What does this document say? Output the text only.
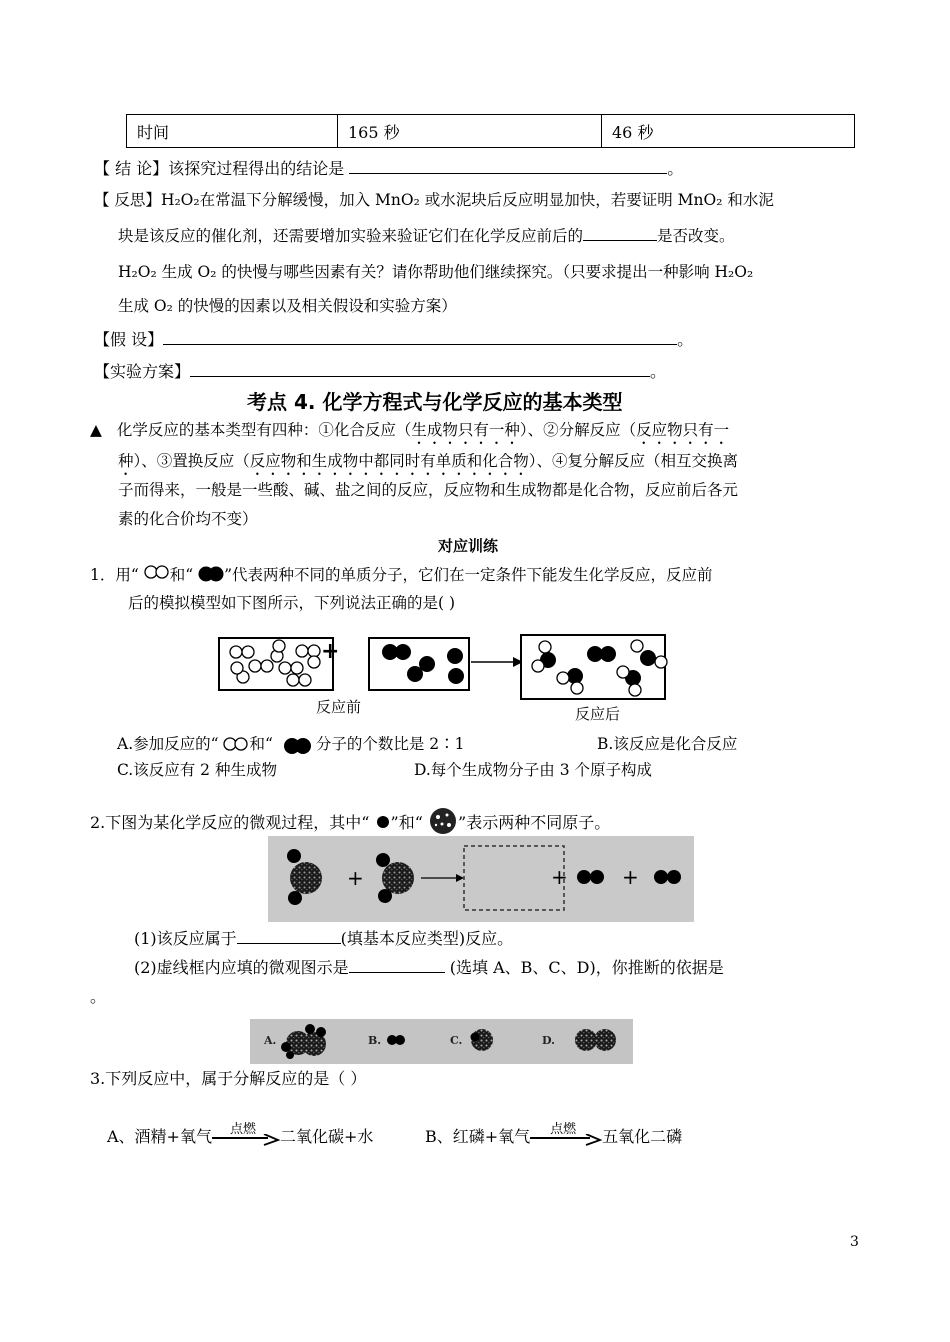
时间	165 秒	46 秒
【 结 论】该探究过程得出的结论是	。
【 反思】H₂O₂在常温下分解缓慢，加入 MnO₂ 或水泥块后反应明显加快，若要证明 MnO₂ 和水泥
块是该反应的催化剂，还需要增加实验来验证它们在化学反应前后的	是否改变。
H₂O₂ 生成 O₂ 的快慢与哪些因素有关？请你帮助他们继续探究。（只要求提出一种影响 H₂O₂
生成 O₂ 的快慢的因素以及相关假设和实验方案）
【假 设】	。
【实验方案】	。
考点 4. 化学方程式与化学反应的基本类型
▲ 化学反应的基本类型有四种：①化合反应（生成物只有一种）、②分解反应（反应物只有一
种）、③置换反应（反应物和生成物中都同时有单质和化合物）、④复分解反应（相互交换离
子而得来，一般是一些酸、碱、盐之间的反应，反应物和生成物都是化合物，反应前后各元
素的化合价均不变）
对应训练
1．用“ 和“ ”代表两种不同的单质分子，它们在一定条件下能发生化学反应，反应前
后的模拟模型如下图所示，下列说法正确的是( )
+
反应前	反应后
A.参加反应的“ 和“	分子的个数比是 2∶1	B.该反应是化合反应
C.该反应有 2 种生成物	D.每个生成物分子由 3 个原子构成
2.下图为某化学反应的微观过程，其中“ ”和“ ”表示两种不同原子。
+	+	+
(1)该反应属于	(填基本反应类型)反应。
(2)虚线框内应填的微观图示是	(选填 A、B、C、D)，你推断的依据是
。
A.	B.	C.	D.
3.下列反应中，属于分解反应的是（ ）
A、酒精+氧气 点燃 二氧化碳+水	B、红磷+氧气 点燃 五氧化二磷
3
